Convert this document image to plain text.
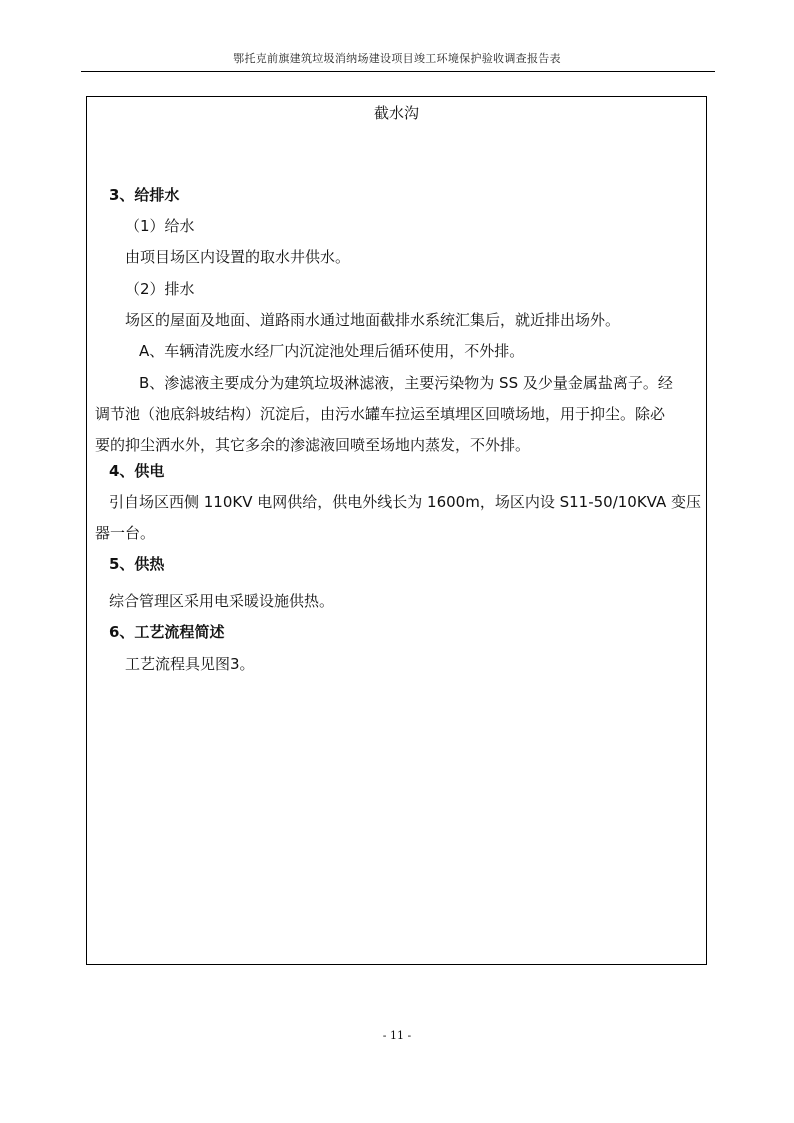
鄂托克前旗建筑垃圾消纳场建设项目竣工环境保护验收调查报告表
截水沟
3、给排水
（1）给水
由项目场区内设置的取水井供水。
（2）排水
场区的屋面及地面、道路雨水通过地面截排水系统汇集后，就近排出场外。
A、车辆清洗废水经厂内沉淀池处理后循环使用，不外排。
B、渗滤液主要成分为建筑垃圾淋滤液，主要污染物为 SS 及少量金属盐离子。经
调节池（池底斜坡结构）沉淀后，由污水罐车拉运至填埋区回喷场地，用于抑尘。除必
要的抑尘洒水外，其它多余的渗滤液回喷至场地内蒸发，不外排。
4、供电
引自场区西侧 110KV 电网供给，供电外线长为 1600m，场区内设 S11-50/10KVA 变压
器一台。
5、供热
综合管理区采用电采暖设施供热。
6、工艺流程简述
工艺流程具见图3。
- 11 -
